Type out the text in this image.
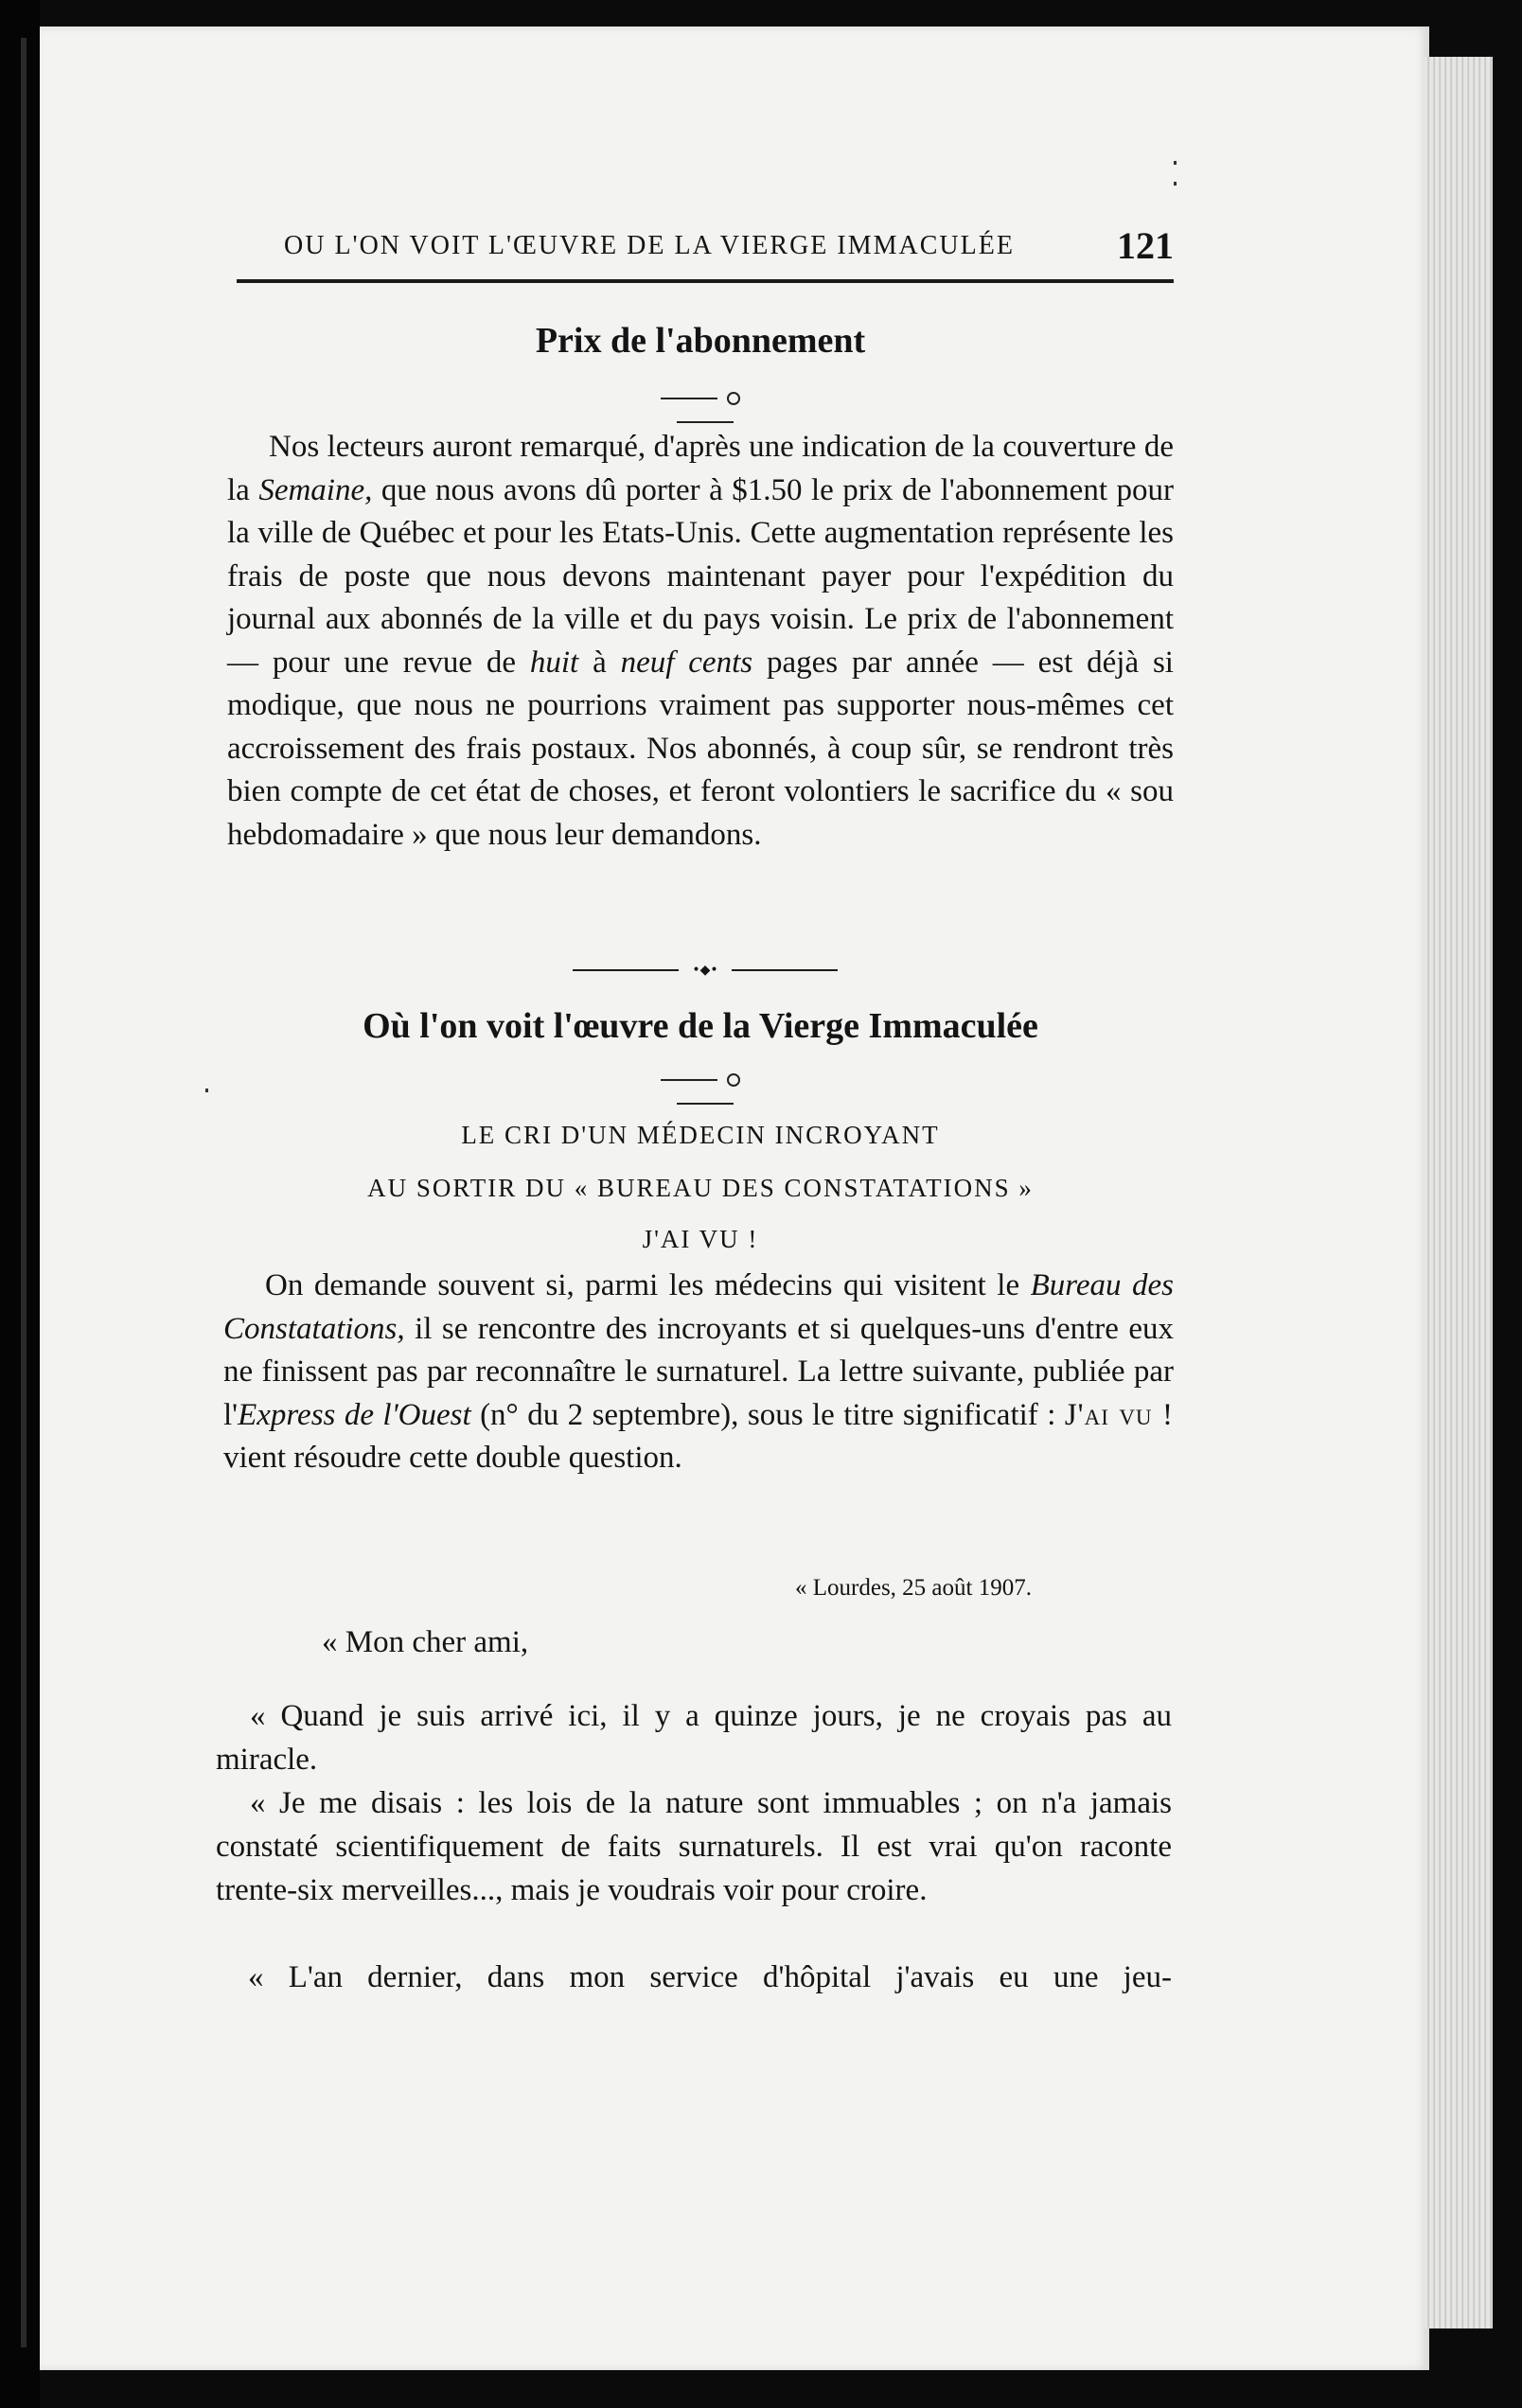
OU L'ON VOIT L'ŒUVRE DE LA VIERGE IMMACULÉE	121
Prix de l'abonnement

Nos lecteurs auront remarqué, d'après une indication de la couverture de la Semaine, que nous avons dû porter à $1.50 le prix de l'abonnement pour la ville de Québec et pour les Etats-Unis. Cette augmentation représente les frais de poste que nous devons maintenant payer pour l'expédition du journal aux abonnés de la ville et du pays voisin. Le prix de l'abonnement — pour une revue de huit à neuf cents pages par année — est déjà si modique, que nous ne pourrions vraiment pas supporter nous-mêmes cet accroissement des frais postaux. Nos abonnés, à coup sûr, se rendront très bien compte de cet état de choses, et feront volontiers le sacrifice du « sou hebdomadaire » que nous leur demandons.

•◆•
Où l'on voit l'œuvre de la Vierge Immaculée
LE CRI D'UN MÉDECIN INCROYANT
AU SORTIR DU « BUREAU DES CONSTATATIONS »
J'AI VU !

On demande souvent si, parmi les médecins qui visitent le Bureau des Constatations, il se rencontre des incroyants et si quelques-uns d'entre eux ne finissent pas par reconnaître le surnaturel. La lettre suivante, publiée par l'Express de l'Ouest (n° du 2 septembre), sous le titre significatif : J'ai vu ! vient résoudre cette double question.

« Lourdes, 25 août 1907.
« Mon cher ami,
« Quand je suis arrivé ici, il y a quinze jours, je ne croyais pas au miracle.
« Je me disais : les lois de la nature sont immuables ; on n'a jamais constaté scientifiquement de faits surnaturels. Il est vrai qu'on raconte trente-six merveilles..., mais je voudrais voir pour croire.
« L'an dernier, dans mon service d'hôpital j'avais eu une jeu-
